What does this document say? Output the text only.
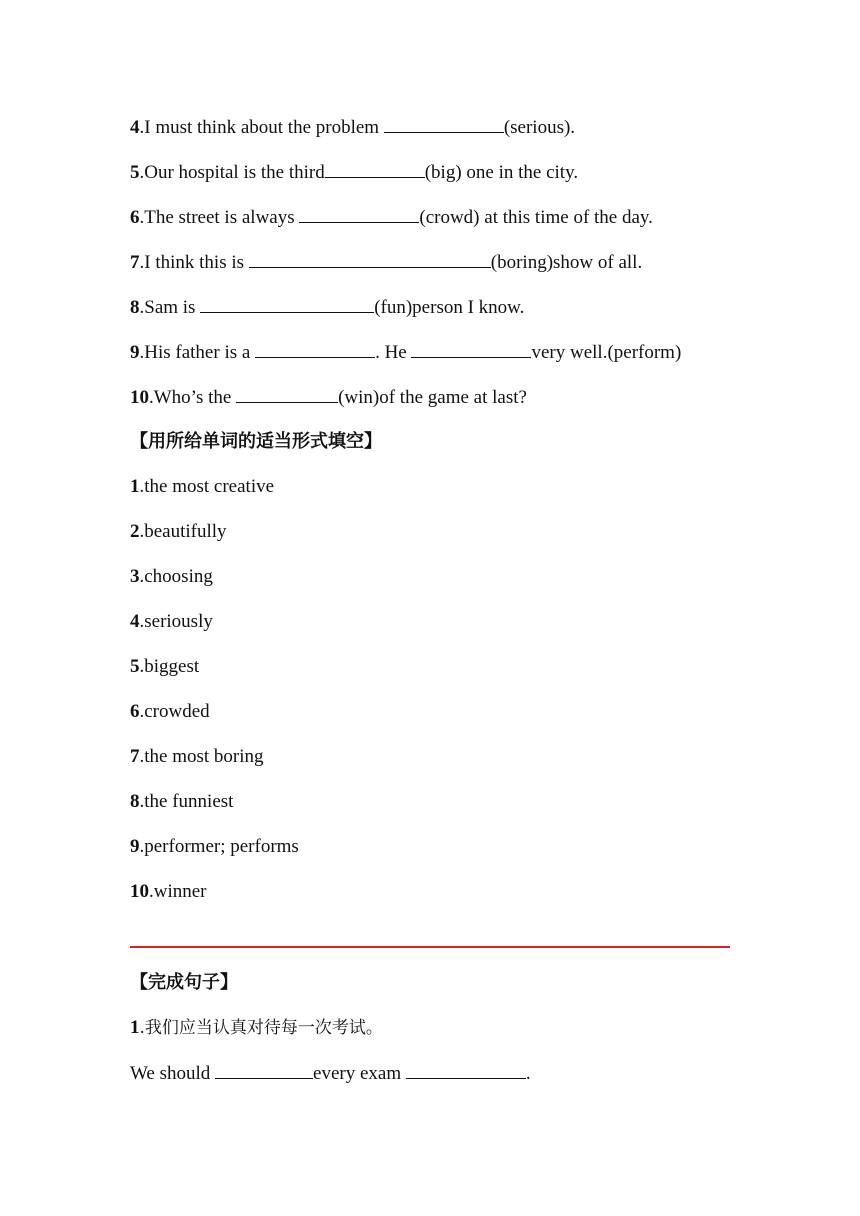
4.I must think about the problem	(serious).
5.Our hospital is the third	(big) one in the city.
6.The street is always	(crowd) at this time of the day.
7.I think this is	(boring)show of all.
8.Sam is	(fun)person I know.
9.His father is a	. He	very well.(perform)
10.Who’s the	(win)of the game at last?
【用所给单词的适当形式填空】
1.the most creative
2.beautifully
3.choosing
4.seriously
5.biggest
6.crowded
7.the most boring
8.the funniest
9.performer; performs
10.winner
【完成句子】
1.我们应当认真对待每一次考试。
We should	every exam	.
